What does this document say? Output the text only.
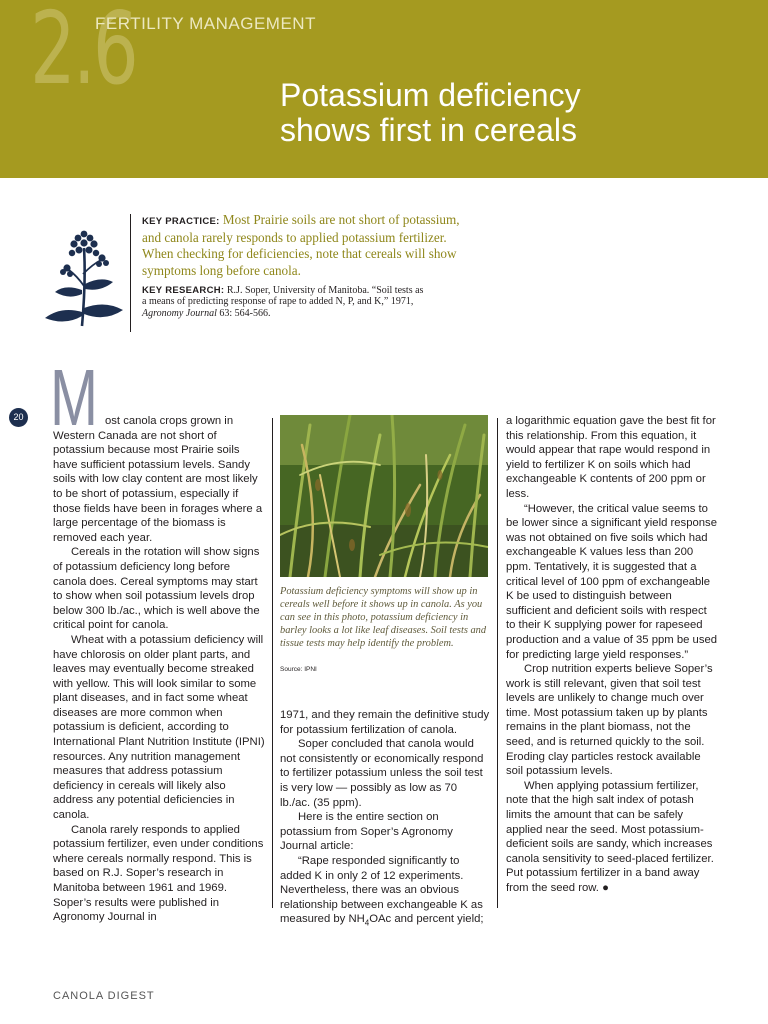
2.6
FERTILITY MANAGEMENT
Potassium deficiency
shows first in cereals
KEY PRACTICE: Most Prairie soils are not short of potassium,
and canola rarely responds to applied potassium fertilizer.
When checking for deficiencies, note that cereals will show
symptoms long before canola.
KEY RESEARCH: R.J. Soper, University of Manitoba. “Soil tests as
a means of predicting response of rape to added N, P, and K,” 1971,
Agronomy Journal 63: 564-566.
20 M ost canola crops grown in Western Canada are not short of potassium because most Prairie soils have sufficient potassium levels. Sandy soils with low clay content are most likely to be short of potassium, especially if those fields have been in forages where a large percentage of the biomass is removed each year.

Cereals in the rotation will show signs of potassium deficiency long before canola does. Cereal symptoms may start to show when soil potassium levels drop below 300 lb./ac., which is well above the critical point for canola.

Wheat with a potassium deficiency will have chlorosis on older plant parts, and leaves may eventually become streaked with yellow. This will look similar to some plant diseases, and in fact some wheat diseases are more common when potassium is deficient, according to International Plant Nutrition Institute (IPNI) resources. Any nutrition management measures that address potassium deficiency in cereals will likely also address any potential deficiencies in canola.

Canola rarely responds to applied potassium fertilizer, even under conditions where cereals normally respond. This is based on R.J. Soper’s research in Manitoba between 1961 and 1969. Soper’s results were published in Agronomy Journal in

Potassium deficiency symptoms will show up in cereals well before it shows up in canola. As you can see in this photo, potassium deficiency in barley looks a lot like leaf diseases. Soil tests and tissue tests may help identify the problem.
Source: IPNI

1971, and they remain the definitive study for potassium fertilization of canola.

Soper concluded that canola would not consistently or economically respond to fertilizer potassium unless the soil test is very low — possibly as low as 70 lb./ac. (35 ppm).

Here is the entire section on potassium from Soper’s Agronomy Journal article:

“Rape responded significantly to added K in only 2 of 12 experiments. Nevertheless, there was an obvious relationship between exchangeable K as measured by $NH_4OAc$ and percent yield;

a logarithmic equation gave the best fit for this relationship. From this equation, it would appear that rape would respond in yield to fertilizer K on soils which had exchangeable K contents of 200 ppm or less.

“However, the critical value seems to be lower since a significant yield response was not obtained on five soils which had exchangeable K values less than 200 ppm. Tentatively, it is suggested that a critical level of 100 ppm of exchangeable K be used to distinguish between sufficient and deficient soils with respect to their K supplying power for rapeseed production and a value of 35 ppm be used for predicting large yield responses.”

Crop nutrition experts believe Soper’s work is still relevant, given that soil test levels are unlikely to change much over time. Most potassium taken up by plants remains in the plant biomass, not the seed, and is returned quickly to the soil. Eroding clay particles restock available soil potassium levels.

When applying potassium fertilizer, note that the high salt index of potash limits the amount that can be safely applied near the seed. Most potassium-deficient soils are sandy, which increases canola sensitivity to seed-placed fertilizer. Put potassium fertilizer in a band away from the seed row. ●

CANOLA DIGEST
